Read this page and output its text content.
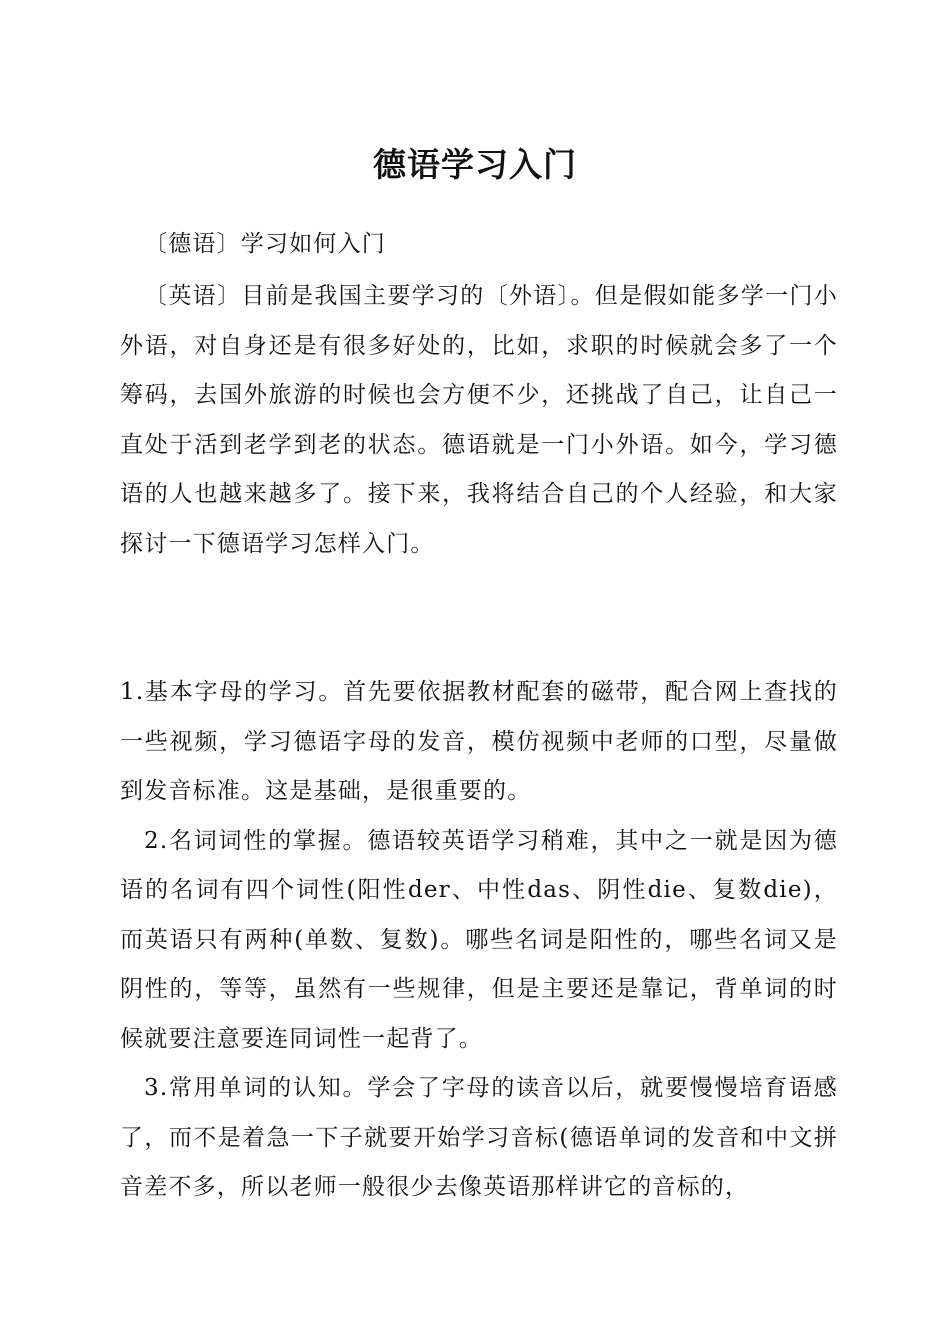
德语学习入门
〔德语〕学习如何入门

〔英语〕目前是我国主要学习的〔外语〕。但是假如能多学一门小外语，对自身还是有很多好处的，比如，求职的时候就会多了一个筹码，去国外旅游的时候也会方便不少，还挑战了自己，让自己一直处于活到老学到老的状态。德语就是一门小外语。如今，学习德语的人也越来越多了。接下来，我将结合自己的个人经验，和大家探讨一下德语学习怎样入门。

1.基本字母的学习。首先要依据教材配套的磁带，配合网上查找的一些视频，学习德语字母的发音，模仿视频中老师的口型，尽量做到发音标准。这是基础，是很重要的。

2.名词词性的掌握。德语较英语学习稍难，其中之一就是因为德语的名词有四个词性(阳性der、中性das、阴性die、复数die)，而英语只有两种(单数、复数)。哪些名词是阳性的，哪些名词又是阴性的，等等，虽然有一些规律，但是主要还是靠记，背单词的时候就要注意要连同词性一起背了。

3.常用单词的认知。学会了字母的读音以后，就要慢慢培育语感了，而不是着急一下子就要开始学习音标(德语单词的发音和中文拼音差不多，所以老师一般很少去像英语那样讲它的音标的，
